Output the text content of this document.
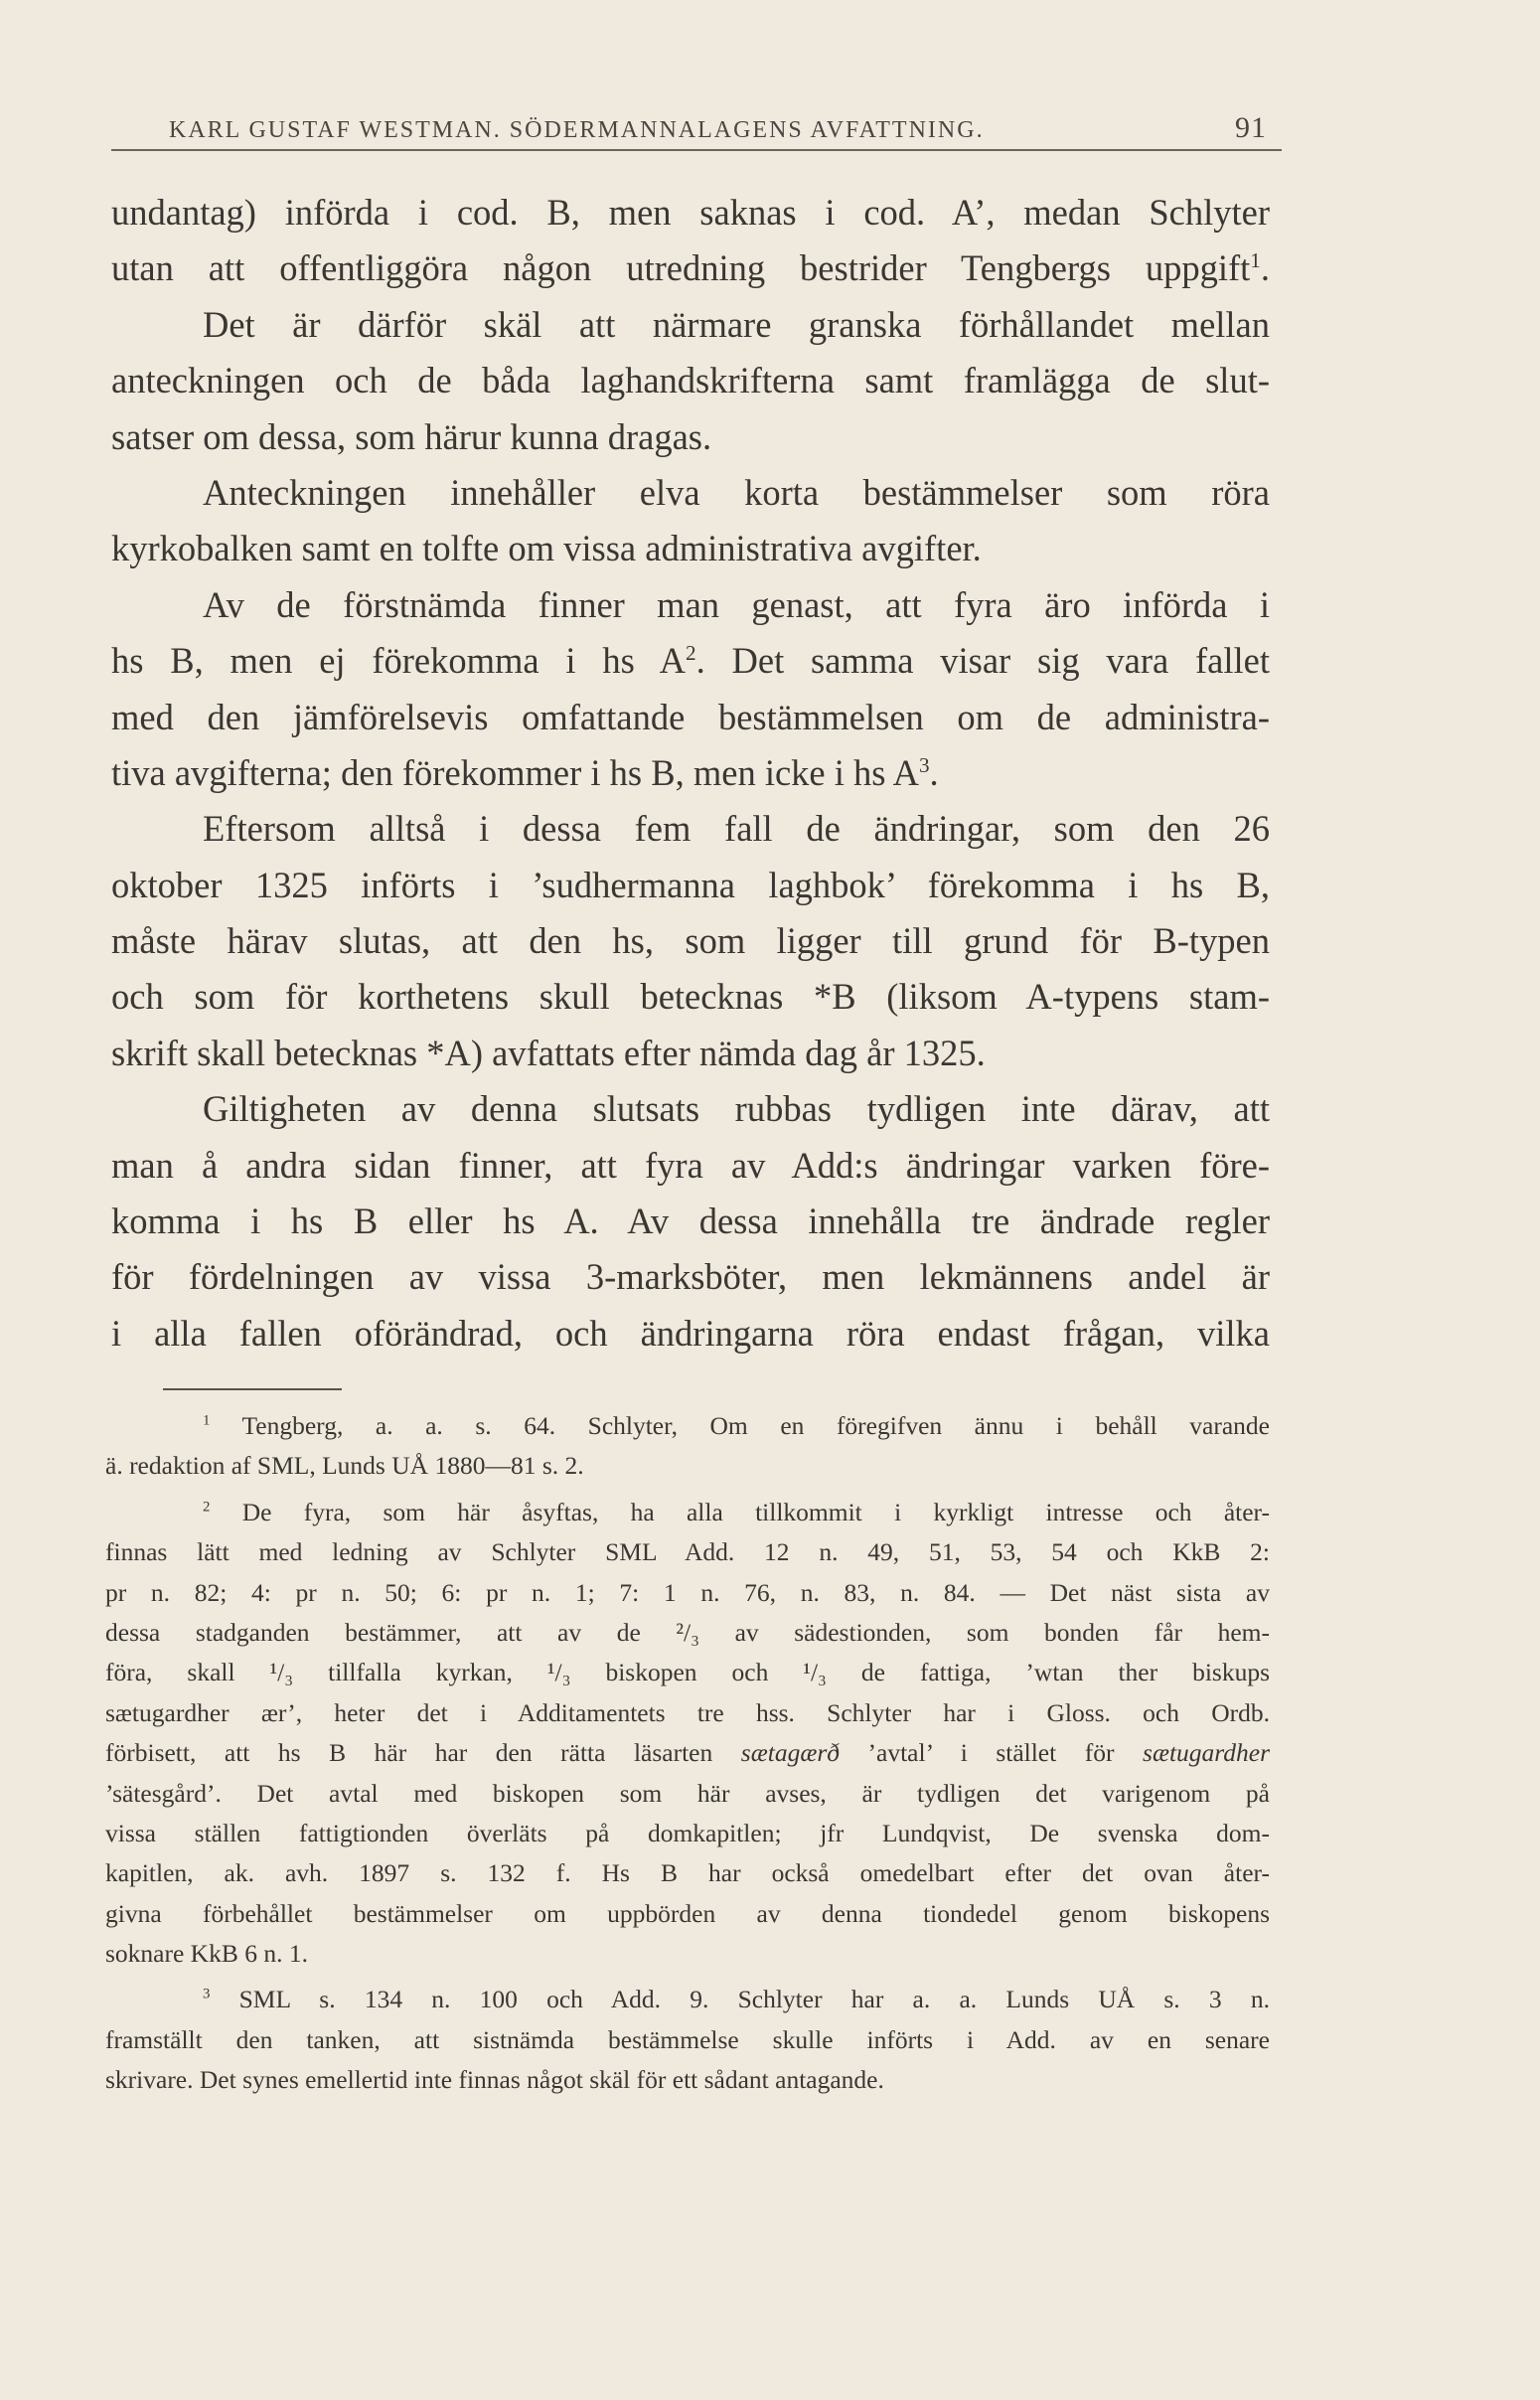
KARL GUSTAF WESTMAN. SÖDERMANNALAGENS AVFATTNING.	91
undantag) införda i cod. B, men saknas i cod. A’, medan Schlyter
utan att offentliggöra någon utredning bestrider Tengbergs uppgift$^1$.
Det är därför skäl att närmare granska förhållandet mellan
anteckningen och de båda laghandskrifterna samt framlägga de slut-
satser om dessa, som härur kunna dragas.
Anteckningen innehåller elva korta bestämmelser som röra
kyrkobalken samt en tolfte om vissa administrativa avgifter.
Av de förstnämda finner man genast, att fyra äro införda i
hs B, men ej förekomma i hs $A^2$. Det samma visar sig vara fallet
med den jämförelsevis omfattande bestämmelsen om de administra-
tiva avgifterna; den förekommer i hs B, men icke i hs $A^3$.
Eftersom alltså i dessa fem fall de ändringar, som den 26
oktober 1325 införts i ’sudhermanna laghbok’ förekomma i hs B,
måste härav slutas, att den hs, som ligger till grund för B-typen
och som för korthetens skull betecknas *B (liksom A-typens stam-
skrift skall betecknas *A) avfattats efter nämda dag år 1325.
Giltigheten av denna slutsats rubbas tydligen inte därav, att
man å andra sidan finner, att fyra av Add:s ändringar varken före-
komma i hs B eller hs A. Av dessa innehålla tre ändrade regler
för fördelningen av vissa 3-marksböter, men lekmännens andel är
i alla fallen oförändrad, och ändringarna röra endast frågan, vilka
$^1$ Tengberg, a. a. s. 64. Schlyter, Om en föregifven ännu i behåll varande
ä. redaktion af SML, Lunds UÅ 1880—81 s. 2.
$^2$ De fyra, som här åsyftas, ha alla tillkommit i kyrkligt intresse och åter-
finnas lätt med ledning av Schlyter SML Add. 12 n. 49, 51, 53, 54 och KkB 2:
pr n. 82; 4: pr n. 50; 6: pr n. 1; 7: 1 n. 76, n. 83, n. 84. — Det näst sista av
dessa stadganden bestämmer, att av de ²/₃ av sädestionden, som bonden får hem-
föra, skall ¹/₃ tillfalla kyrkan, ¹/₃ biskopen och ¹/₃ de fattiga, ’wtan ther biskups
sætugardher ær’, heter det i Additamentets tre hss. Schlyter har i Gloss. och Ordb.
förbisett, att hs B här har den rätta läsarten sætagærð ’avtal’ i stället för sætugardher
’sätesgård’. Det avtal med biskopen som här avses, är tydligen det varigenom på
vissa ställen fattigtionden överläts på domkapitlen; jfr Lundqvist, De svenska dom-
kapitlen, ak. avh. 1897 s. 132 f. Hs B har också omedelbart efter det ovan åter-
givna förbehållet bestämmelser om uppbörden av denna tiondedel genom biskopens
soknare KkB 6 n. 1.
$^3$ SML s. 134 n. 100 och Add. 9. Schlyter har a. a. Lunds UÅ s. 3 n.
framställt den tanken, att sistnämda bestämmelse skulle införts i Add. av en senare
skrivare. Det synes emellertid inte finnas något skäl för ett sådant antagande.
